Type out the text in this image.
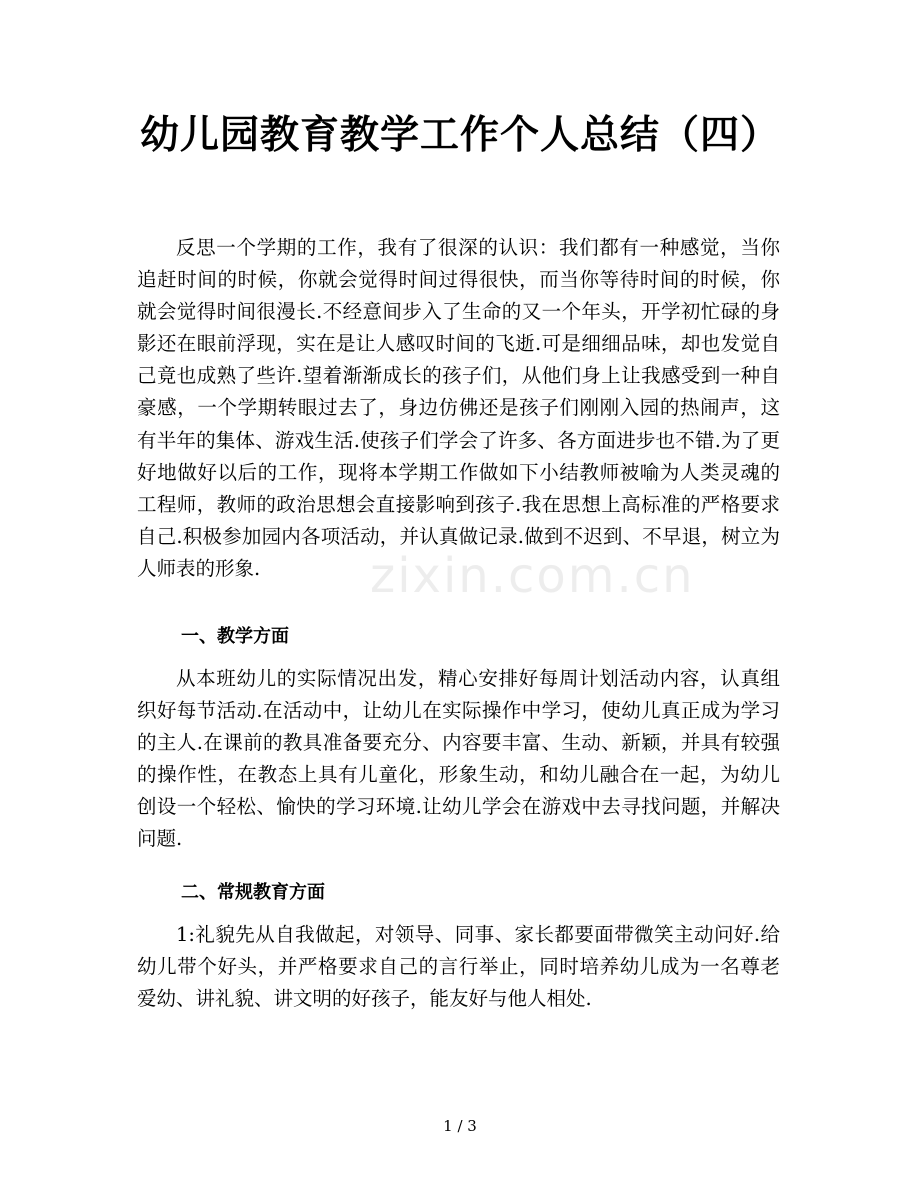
幼儿园教育教学工作个人总结（四）

反思一个学期的工作，我有了很深的认识：我们都有一种感觉，当你追赶时间的时候，你就会觉得时间过得很快，而当你等待时间的时候，你就会觉得时间很漫长.不经意间步入了生命的又一个年头，开学初忙碌的身影还在眼前浮现，实在是让人感叹时间的飞逝.可是细细品味，却也发觉自己竟也成熟了些许.望着渐渐成长的孩子们，从他们身上让我感受到一种自豪感，一个学期转眼过去了，身边仿佛还是孩子们刚刚入园的热闹声，这有半年的集体、游戏生活.使孩子们学会了许多、各方面进步也不错.为了更好地做好以后的工作，现将本学期工作做如下小结教师被喻为人类灵魂的工程师，教师的政治思想会直接影响到孩子.我在思想上高标准的严格要求自己.积极参加园内各项活动，并认真做记录.做到不迟到、不早退，树立为人师表的形象.	zixin.com.cn
一、教学方面

从本班幼儿的实际情况出发，精心安排好每周计划活动内容，认真组织好每节活动.在活动中，让幼儿在实际操作中学习，使幼儿真正成为学习的主人.在课前的教具准备要充分、内容要丰富、生动、新颖，并具有较强的操作性，在教态上具有儿童化，形象生动，和幼儿融合在一起，为幼儿创设一个轻松、愉快的学习环境.让幼儿学会在游戏中去寻找问题，并解决问题.

二、常规教育方面

1:礼貌先从自我做起，对领导、同事、家长都要面带微笑主动问好.给幼儿带个好头，并严格要求自己的言行举止，同时培养幼儿成为一名尊老爱幼、讲礼貌、讲文明的好孩子，能友好与他人相处.

1 / 3
